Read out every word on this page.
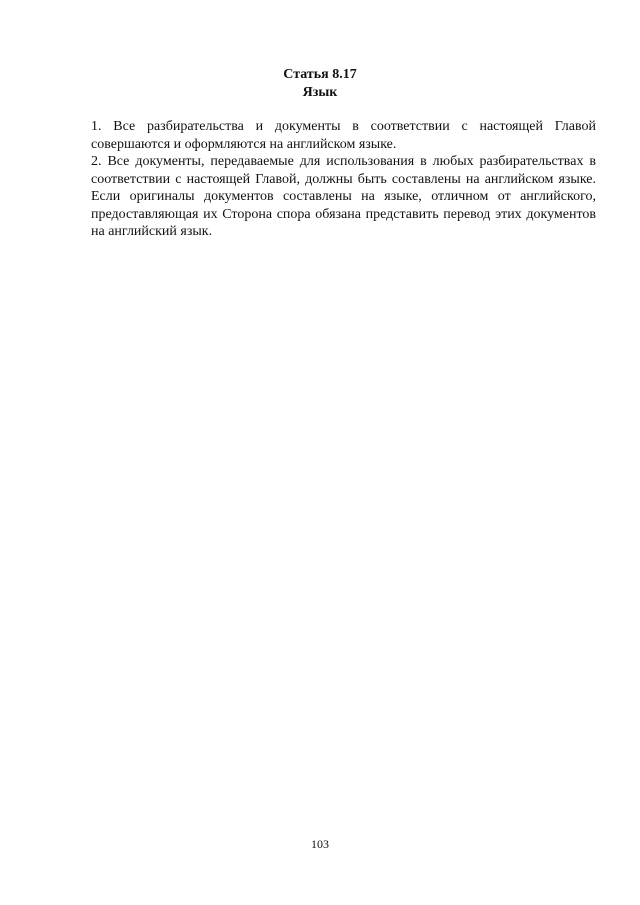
Статья 8.17
Язык

1. Все разбирательства и документы в соответствии с настоящей Главой совершаются и оформляются на английском языке.

2. Все документы, передаваемые для использования в любых разбирательствах в соответствии с настоящей Главой, должны быть составлены на английском языке. Если оригиналы документов составлены на языке, отличном от английского, предоставляющая их Сторона спора обязана представить перевод этих документов на английский язык.

103
